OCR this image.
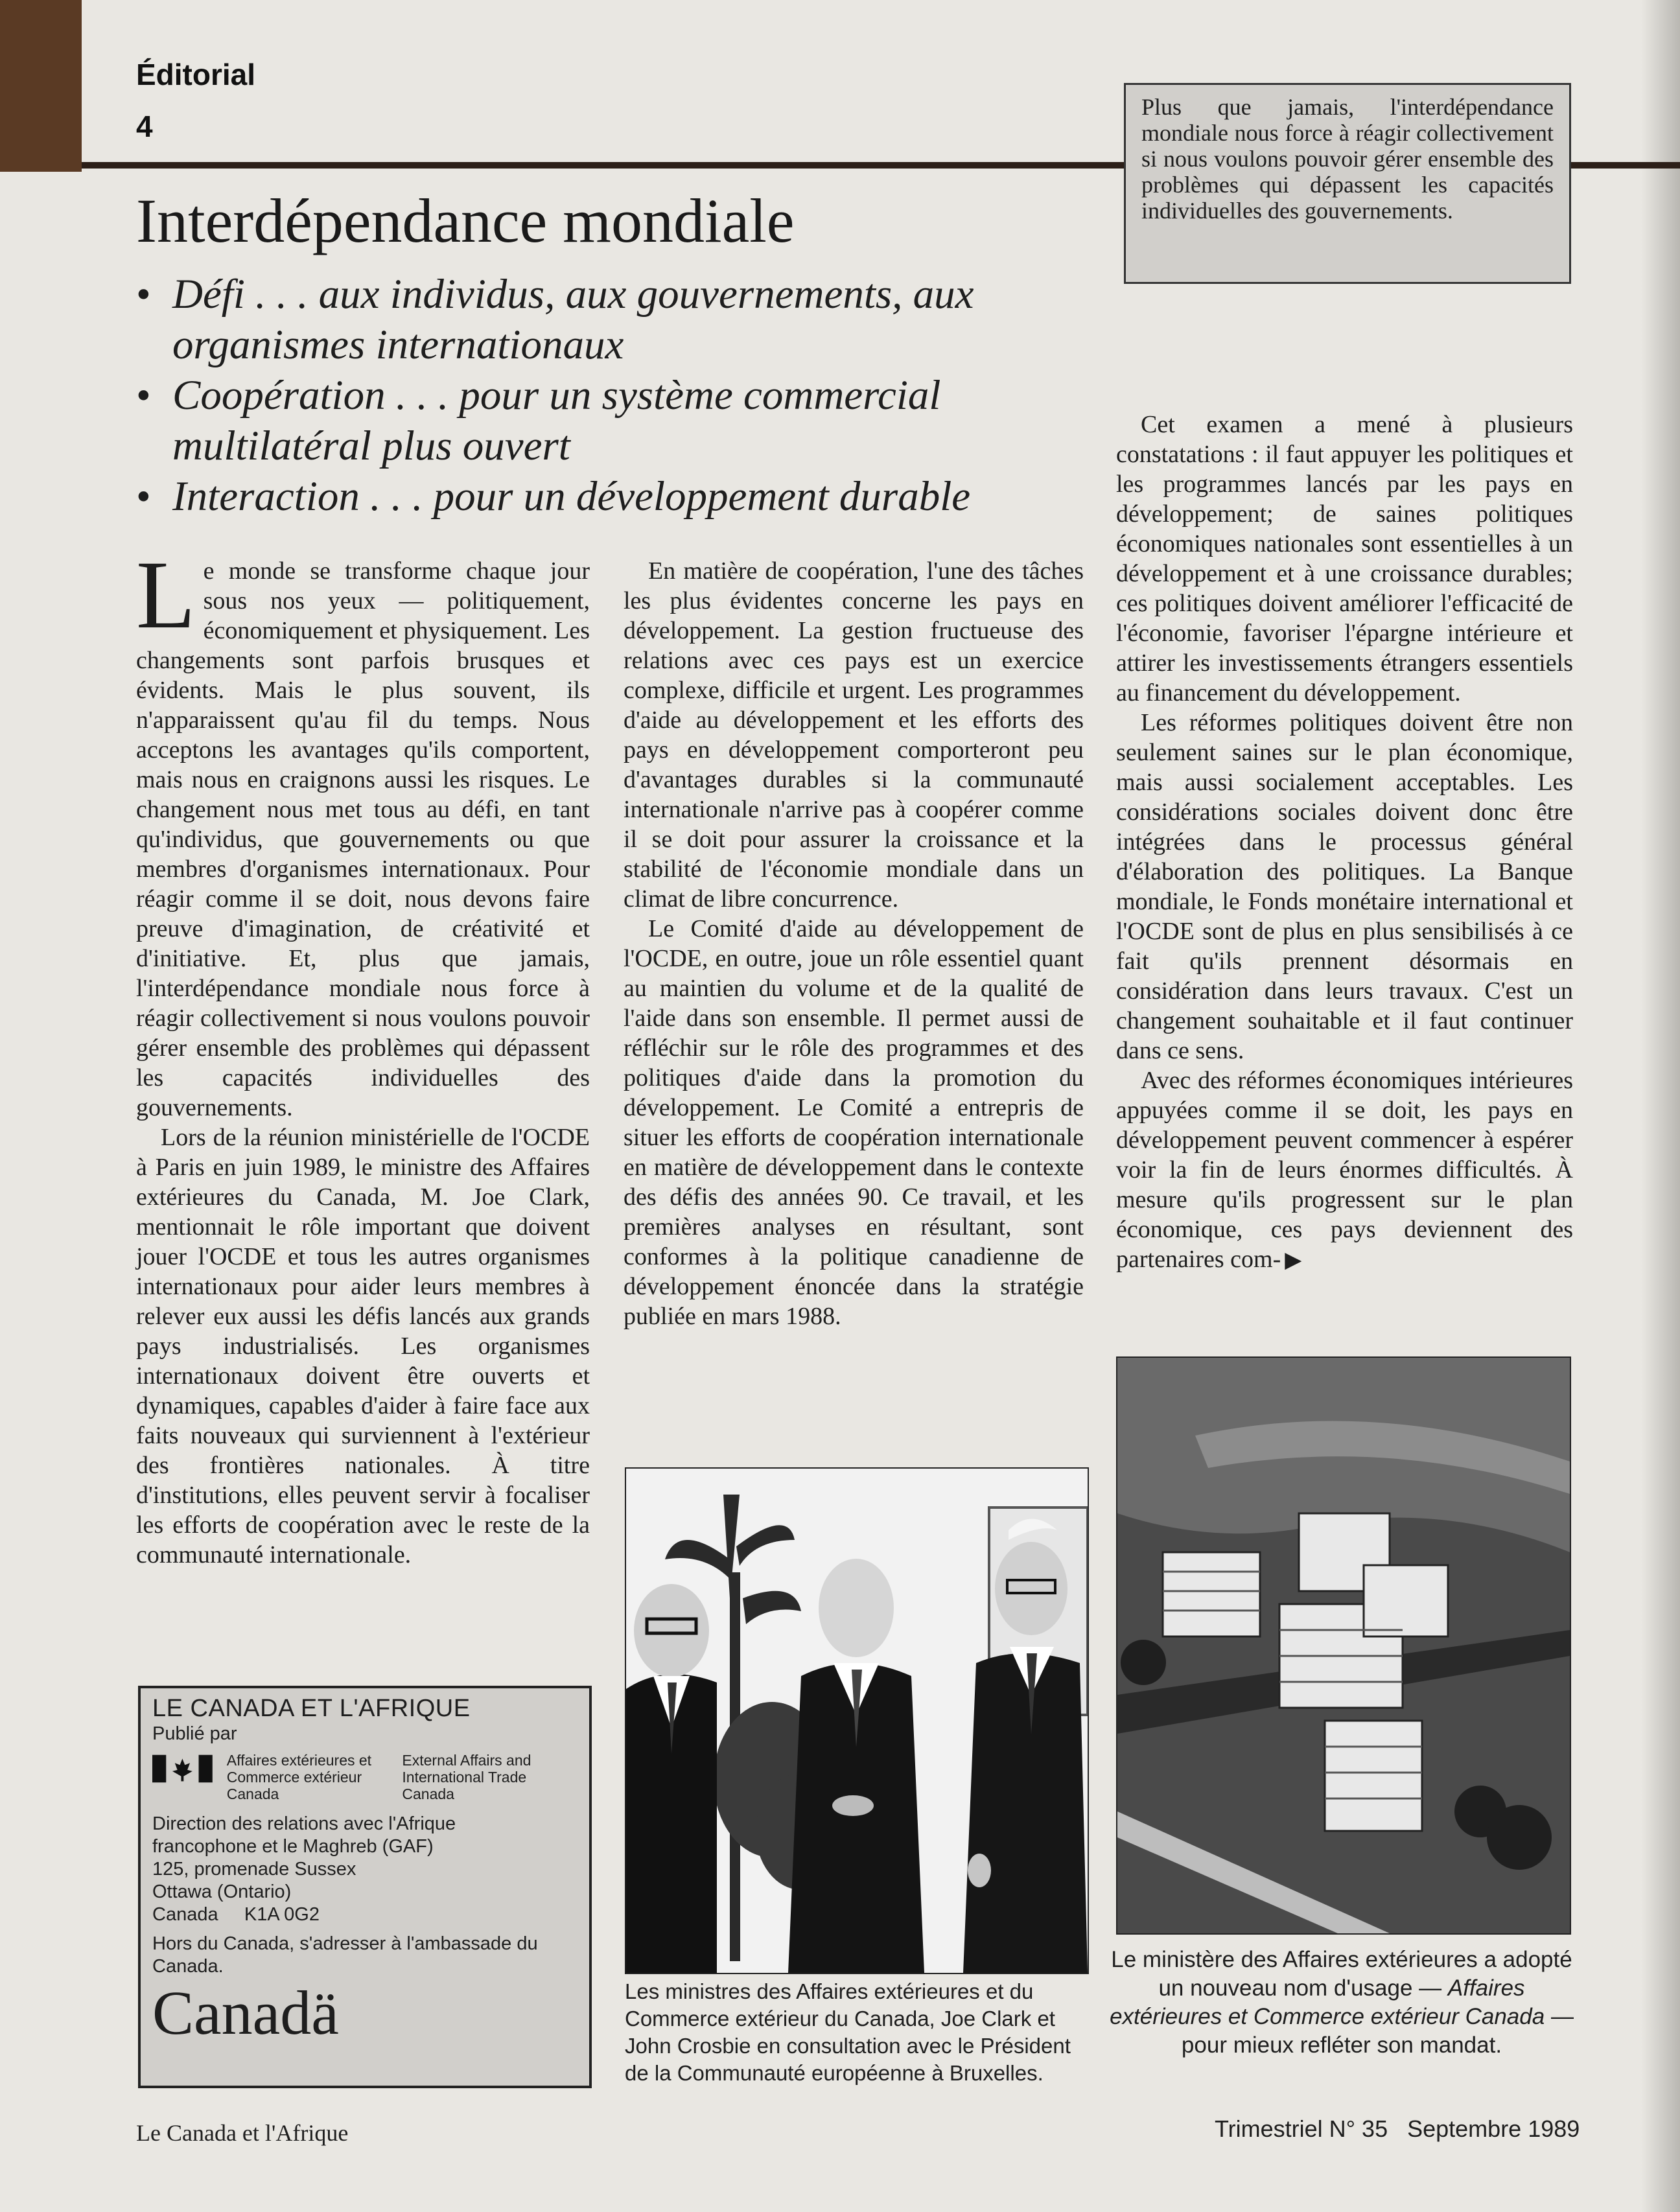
Éditorial
4
Plus que jamais, l'interdépendance mondiale nous force à réagir collectivement si nous voulons pouvoir gérer ensemble des problèmes qui dépassent les capacités individuelles des gouvernements.
Interdépendance mondiale
• Défi . . . aux individus, aux gouvernements, aux organismes internationaux
• Coopération . . . pour un système commercial multilatéral plus ouvert
• Interaction . . . pour un développement durable

Le monde se transforme chaque jour sous nos yeux — politiquement, économiquement et physiquement. Les changements sont parfois brusques et évidents. Mais le plus souvent, ils n'apparaissent qu'au fil du temps. Nous acceptons les avantages qu'ils comportent, mais nous en craignons aussi les risques. Le changement nous met tous au défi, en tant qu'individus, que gouvernements ou que membres d'organismes internationaux. Pour réagir comme il se doit, nous devons faire preuve d'imagination, de créativité et d'initiative. Et, plus que jamais, l'interdépendance mondiale nous force à réagir collectivement si nous voulons pouvoir gérer ensemble des problèmes qui dépassent les capacités individuelles des gouvernements.

Lors de la réunion ministérielle de l'OCDE à Paris en juin 1989, le ministre des Affaires extérieures du Canada, M. Joe Clark, mentionnait le rôle important que doivent jouer l'OCDE et tous les autres organismes internationaux pour aider leurs membres à relever eux aussi les défis lancés aux grands pays industrialisés. Les organismes internationaux doivent être ouverts et dynamiques, capables d'aider à faire face aux faits nouveaux qui surviennent à l'extérieur des frontières nationales. À titre d'institutions, elles peuvent servir à focaliser les efforts de coopération avec le reste de la communauté internationale.

En matière de coopération, l'une des tâches les plus évidentes concerne les pays en développement. La gestion fructueuse des relations avec ces pays est un exercice complexe, difficile et urgent. Les programmes d'aide au développement et les efforts des pays en développement comporteront peu d'avantages durables si la communauté internationale n'arrive pas à coopérer comme il se doit pour assurer la croissance et la stabilité de l'économie mondiale dans un climat de libre concurrence.

Le Comité d'aide au développement de l'OCDE, en outre, joue un rôle essentiel quant au maintien du volume et de la qualité de l'aide dans son ensemble. Il permet aussi de réfléchir sur le rôle des programmes et des politiques d'aide dans la promotion du développement. Le Comité a entrepris de situer les efforts de coopération internationale en matière de développement dans le contexte des défis des années 90. Ce travail, et les premières analyses en résultant, sont conformes à la politique canadienne de développement énoncée dans la stratégie publiée en mars 1988.

Cet examen a mené à plusieurs constatations : il faut appuyer les politiques et les programmes lancés par les pays en développement; de saines politiques économiques nationales sont essentielles à un développement et à une croissance durables; ces politiques doivent améliorer l'efficacité de l'économie, favoriser l'épargne intérieure et attirer les investissements étrangers essentiels au financement du développement.

Les réformes politiques doivent être non seulement saines sur le plan économique, mais aussi socialement acceptables. Les considérations sociales doivent donc être intégrées dans le processus général d'élaboration des politiques. La Banque mondiale, le Fonds monétaire international et l'OCDE sont de plus en plus sensibilisés à ce fait qu'ils prennent désormais en considération dans leurs travaux. C'est un changement souhaitable et il faut continuer dans ce sens.

Avec des réformes économiques intérieures appuyées comme il se doit, les pays en développement peuvent commencer à espérer voir la fin de leurs énormes difficultés. À mesure qu'ils progressent sur le plan économique, ces pays deviennent des partenaires com- ▶

Les ministres des Affaires extérieures et du Commerce extérieur du Canada, Joe Clark et John Crosbie en consultation avec le Président de la Communauté européenne à Bruxelles.
Le ministère des Affaires extérieures a adopté un nouveau nom d'usage — Affaires extérieures et Commerce extérieur Canada — pour mieux refléter son mandat.
LE CANADA ET L'AFRIQUE
Publié par
Affaires extérieures et Commerce extérieur Canada
External Affairs and International Trade Canada
Direction des relations avec l'Afrique
francophone et le Maghreb (GAF)
125, promenade Sussex
Ottawa (Ontario)
Canada     K1A 0G2
Hors du Canada, s'adresser à l'ambassade du Canada.
Canadä
Le Canada et l'Afrique	Trimestriel N° 35   Septembre 1989
